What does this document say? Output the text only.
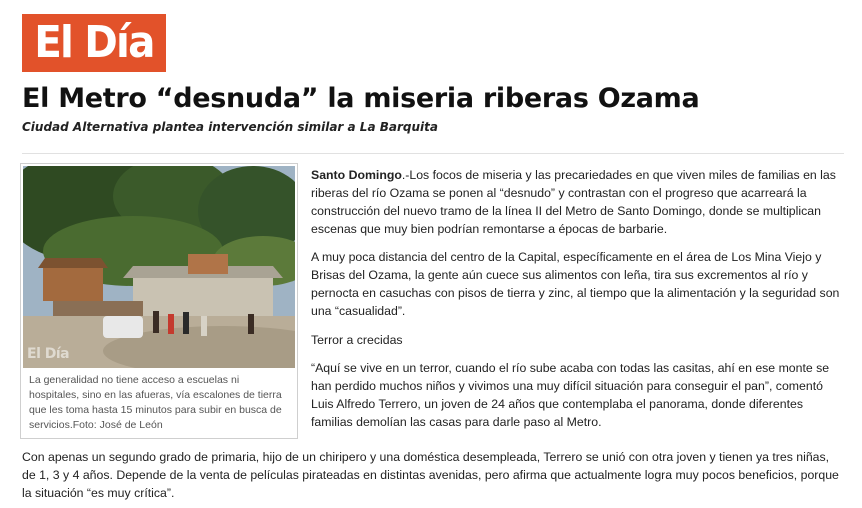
El Día
El Metro “desnuda” la miseria riberas Ozama

Ciudad Alternativa plantea intervención similar a La Barquita

El Día

La generalidad no tiene acceso a escuelas ni hospitales, sino en las afueras, vía escalones de tierra que les toma hasta 15 minutos para subir en busca de servicios.Foto: José de León

Santo Domingo.-Los focos de miseria y las precariedades en que viven miles de familias en las riberas del río Ozama se ponen al “desnudo” y contrastan con el progreso que acarreará la construcción del nuevo tramo de la línea II del Metro de Santo Domingo, donde se multiplican escenas que muy bien podrían remontarse a épocas de barbarie.

A muy poca distancia del centro de la Capital, específicamente en el área de Los Mina Viejo y Brisas del Ozama, la gente aún cuece sus alimentos con leña, tira sus excrementos al río y pernocta en casuchas con pisos de tierra y zinc, al tiempo que la alimentación y la seguridad son una “casualidad”.

Terror a crecidas

“Aquí se vive en un terror, cuando el río sube acaba con todas las casitas, ahí en ese monte se han perdido muchos niños y vivimos una muy difícil situación para conseguir el pan”, comentó Luis Alfredo Terrero, un joven de 24 años que contemplaba el panorama, donde diferentes familias demolían las casas para darle paso al Metro.

Con apenas un segundo grado de primaria, hijo de un chiripero y una doméstica desempleada, Terrero se unió con otra joven y tienen ya tres niñas, de 1, 3 y 4 años. Depende de la venta de películas pirateadas en distintas avenidas, pero afirma que actualmente logra muy pocos beneficios, porque la situación “es muy crítica”.
